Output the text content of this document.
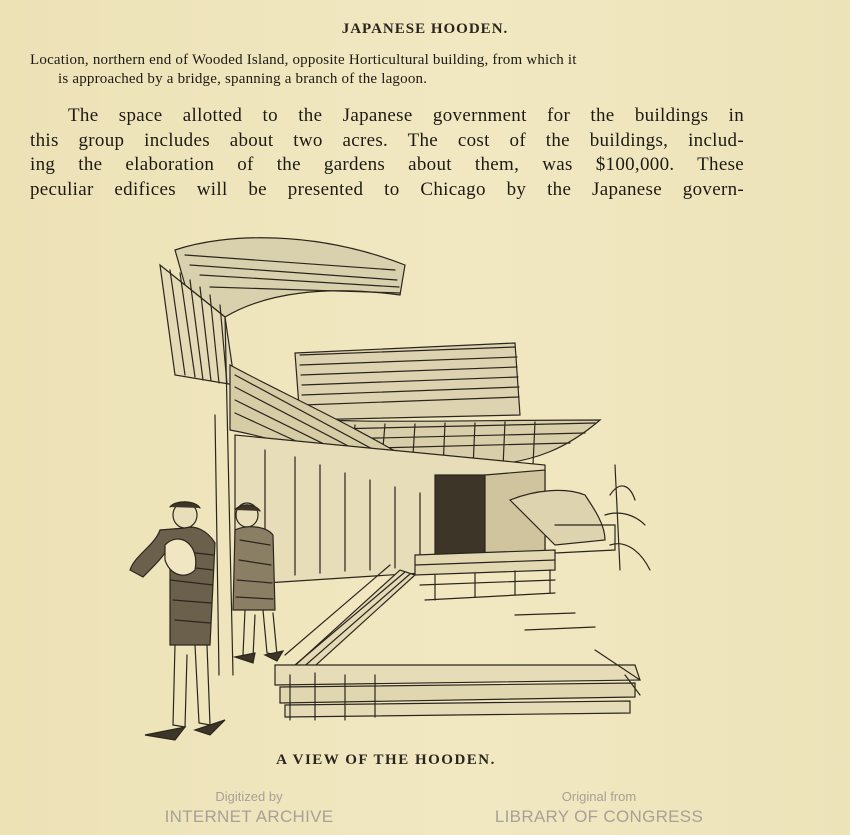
JAPANESE HOODEN.
Location, northern end of Wooded Island, opposite Horticultural building, from which it
is approached by a bridge, spanning a branch of the lagoon.
The space allotted to the Japanese government for the buildings in
this group includes about two acres. The cost of the buildings, includ-
ing the elaboration of the gardens about them, was $100,000. These
peculiar edifices will be presented to Chicago by the Japanese govern-
A VIEW OF THE HOODEN.
Digitized by
INTERNET ARCHIVE
Original from
LIBRARY OF CONGRESS
